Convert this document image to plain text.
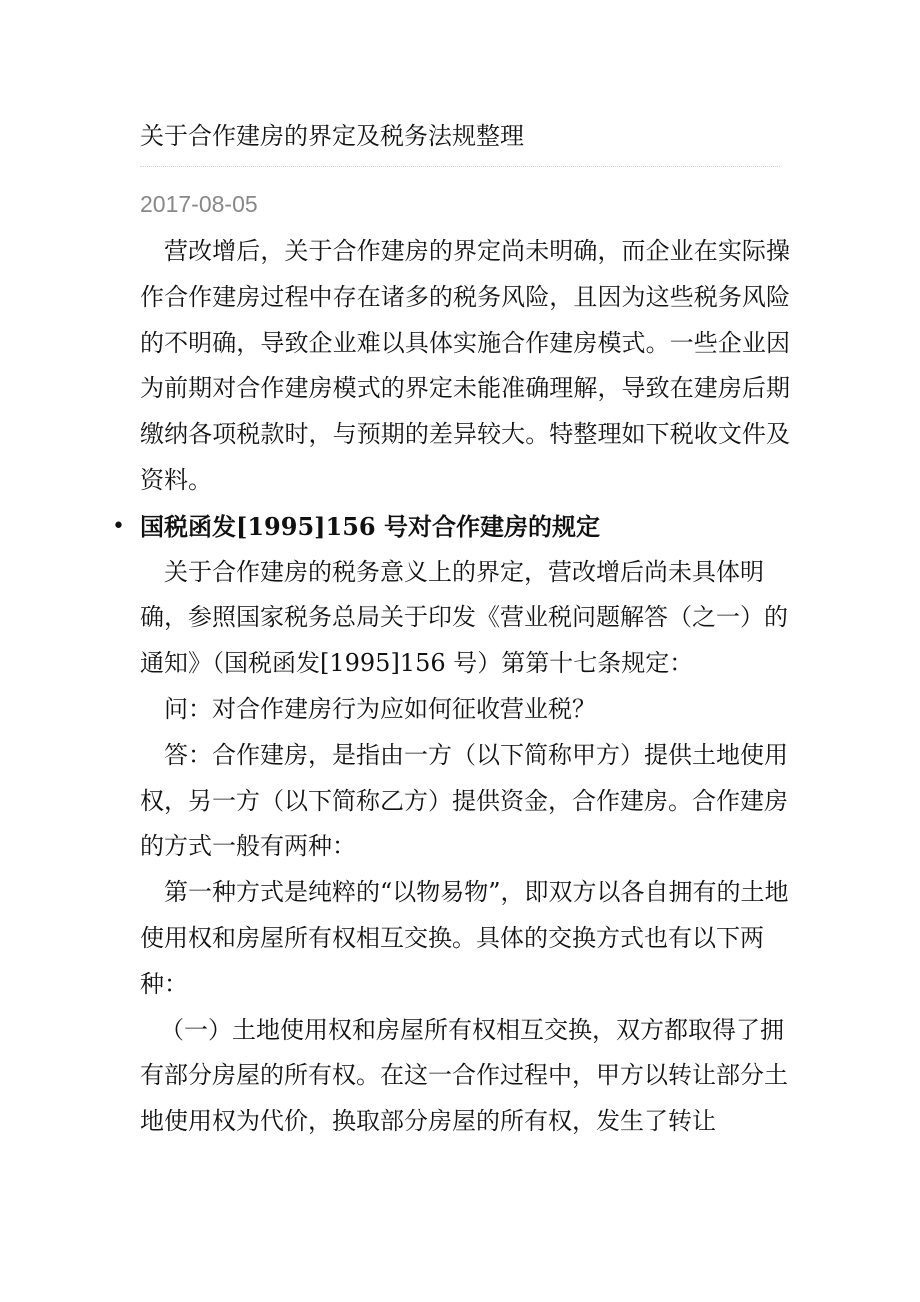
关于合作建房的界定及税务法规整理
2017-08-05

营改增后，关于合作建房的界定尚未明确，而企业在实际操作合作建房过程中存在诸多的税务风险，且因为这些税务风险的不明确，导致企业难以具体实施合作建房模式。一些企业因为前期对合作建房模式的界定未能准确理解，导致在建房后期缴纳各项税款时，与预期的差异较大。特整理如下税收文件及资料。

• 国税函发[1995]156 号对合作建房的规定

关于合作建房的税务意义上的界定，营改增后尚未具体明确，参照国家税务总局关于印发《营业税问题解答（之一）的通知》（国税函发[1995]156 号）第第十七条规定：

问：对合作建房行为应如何征收营业税？

答：合作建房，是指由一方（以下简称甲方）提供土地使用权，另一方（以下简称乙方）提供资金，合作建房。合作建房的方式一般有两种：

第一种方式是纯粹的“以物易物”，即双方以各自拥有的土地使用权和房屋所有权相互交换。具体的交换方式也有以下两种：

（一）土地使用权和房屋所有权相互交换，双方都取得了拥有部分房屋的所有权。在这一合作过程中，甲方以转让部分土地使用权为代价，换取部分房屋的所有权，发生了转让
